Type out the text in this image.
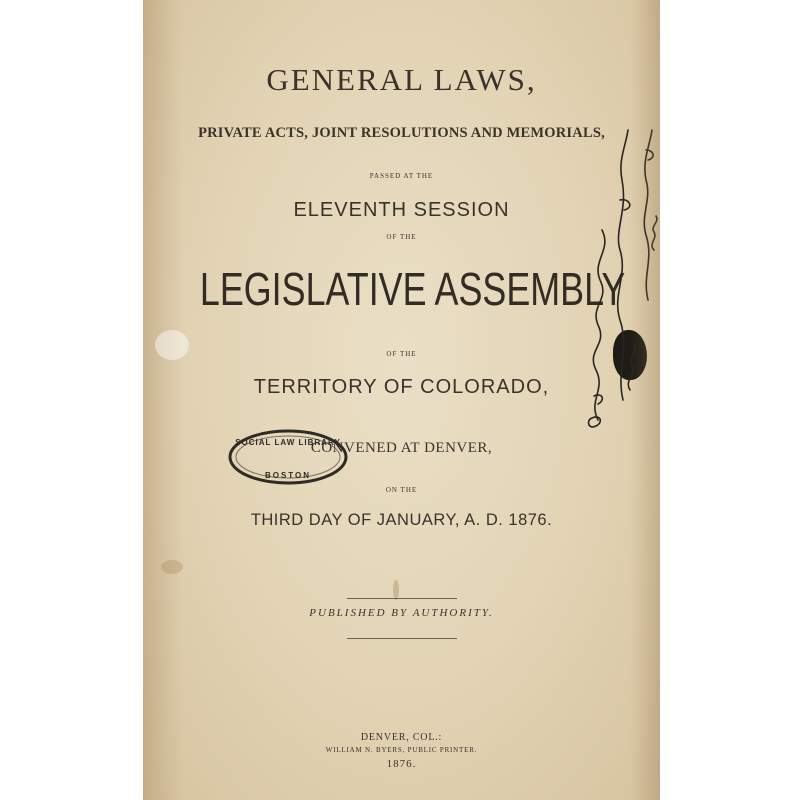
GENERAL LAWS,
PRIVATE ACTS, JOINT RESOLUTIONS AND MEMORIALS,
PASSED AT THE
ELEVENTH SESSION
OF THE
LEGISLATIVE ASSEMBLY
OF THE
TERRITORY OF COLORADO,
CONVENED AT DENVER,
ON THE
THIRD DAY OF JANUARY, A. D. 1876.
PUBLISHED BY AUTHORITY.
DENVER, COL.:
WILLIAM N. BYERS, PUBLIC PRINTER.
1876.
SOCIAL LAW LIBRARY
BOSTON
